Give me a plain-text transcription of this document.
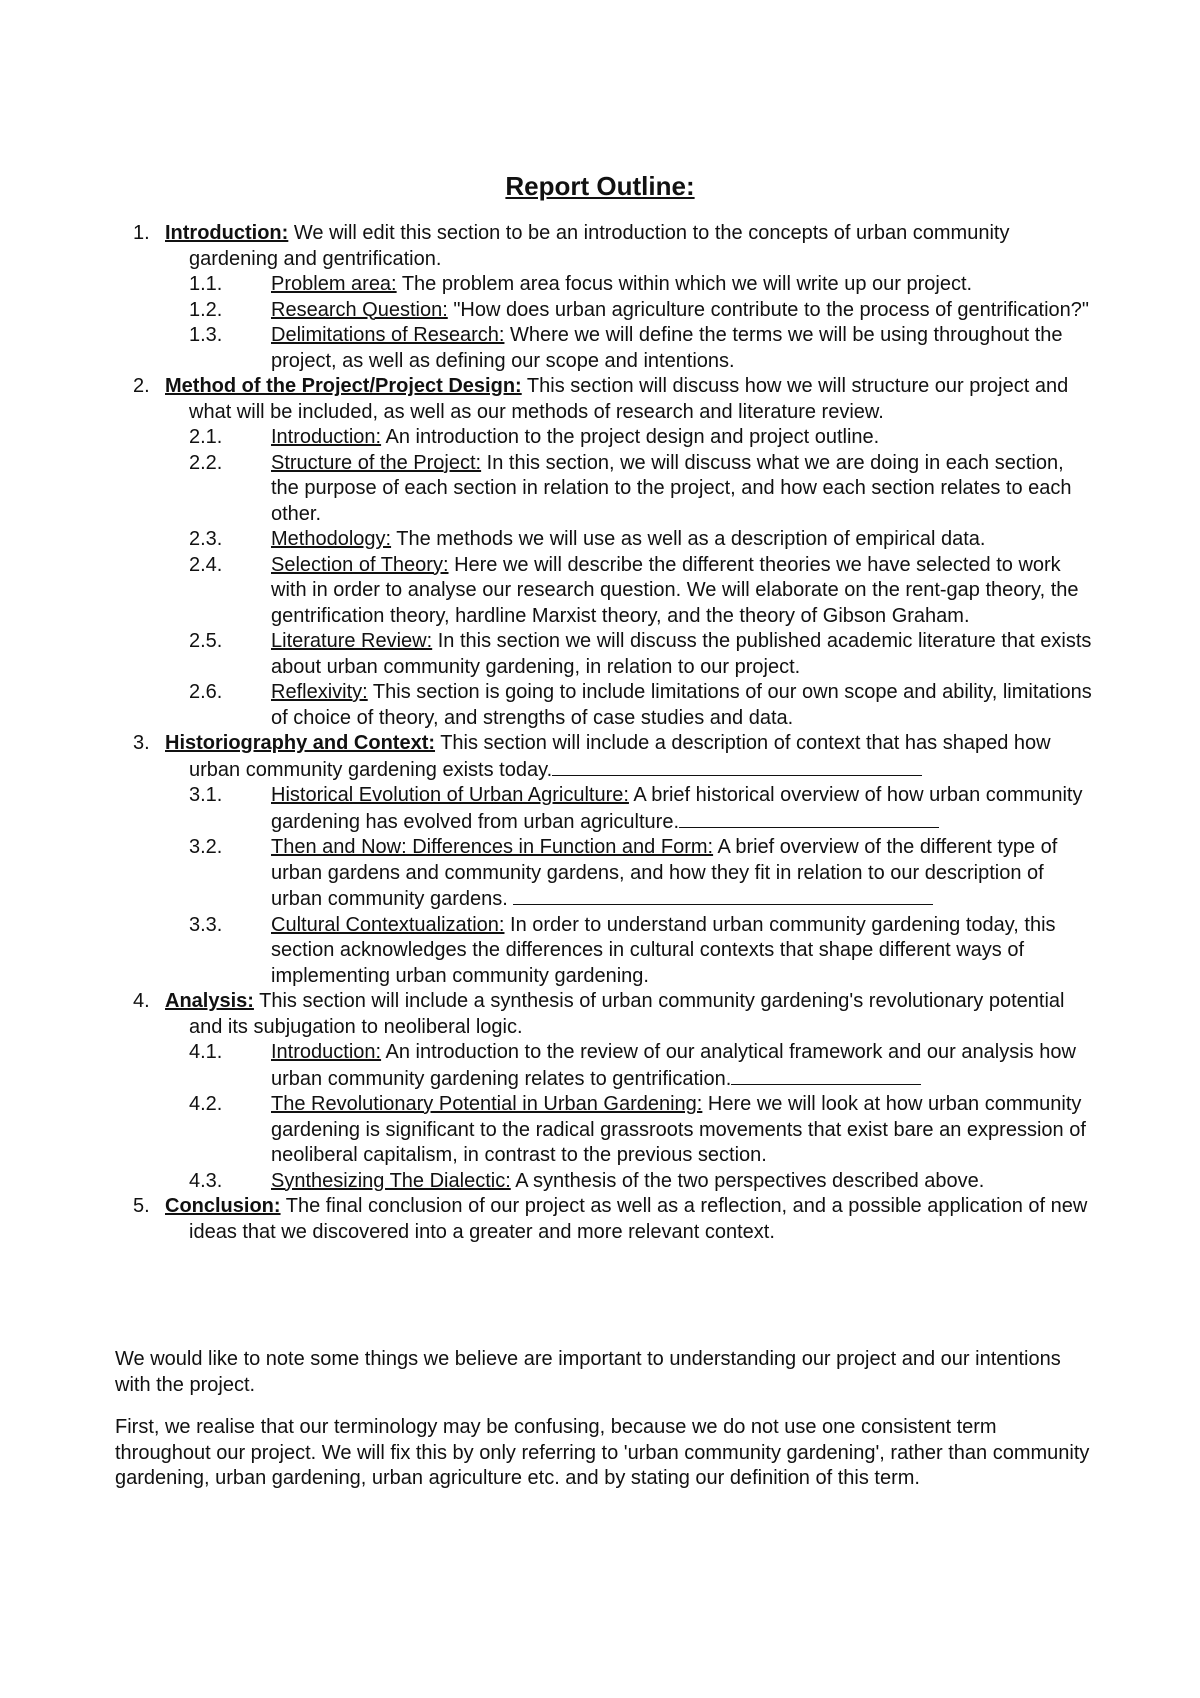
Report Outline:
1. Introduction: We will edit this section to be an introduction to the concepts of urban community gardening and gentrification.
1.1. Problem area: The problem area focus within which we will write up our project.
1.2. Research Question: "How does urban agriculture contribute to the process of gentrification?"
1.3. Delimitations of Research: Where we will define the terms we will be using throughout the project, as well as defining our scope and intentions.
2. Method of the Project/Project Design: This section will discuss how we will structure our project and what will be included, as well as our methods of research and literature review.
2.1. Introduction: An introduction to the project design and project outline.
2.2. Structure of the Project: In this section, we will discuss what we are doing in each section, the purpose of each section in relation to the project, and how each section relates to each other.
2.3. Methodology: The methods we will use as well as a description of empirical data.
2.4. Selection of Theory: Here we will describe the different theories we have selected to work with in order to analyse our research question. We will elaborate on the rent-gap theory, the gentrification theory, hardline Marxist theory, and the theory of Gibson Graham.
2.5. Literature Review: In this section we will discuss the published academic literature that exists about urban community gardening, in relation to our project.
2.6. Reflexivity: This section is going to include limitations of our own scope and ability, limitations of choice of theory, and strengths of case studies and data.
3. Historiography and Context: This section will include a description of context that has shaped how urban community gardening exists today.
3.1. Historical Evolution of Urban Agriculture: A brief historical overview of how urban community gardening has evolved from urban agriculture.
3.2. Then and Now: Differences in Function and Form: A brief overview of the different type of urban gardens and community gardens, and how they fit in relation to our description of urban community gardens.
3.3. Cultural Contextualization: In order to understand urban community gardening today, this section acknowledges the differences in cultural contexts that shape different ways of implementing urban community gardening.
4. Analysis: This section will include a synthesis of urban community gardening's revolutionary potential and its subjugation to neoliberal logic.
4.1. Introduction: An introduction to the review of our analytical framework and our analysis how urban community gardening relates to gentrification.
4.2. The Revolutionary Potential in Urban Gardening: Here we will look at how urban community gardening is significant to the radical grassroots movements that exist bare an expression of neoliberal capitalism, in contrast to the previous section.
4.3. Synthesizing The Dialectic: A synthesis of the two perspectives described above.
5. Conclusion: The final conclusion of our project as well as a reflection, and a possible application of new ideas that we discovered into a greater and more relevant context.
We would like to note some things we believe are important to understanding our project and our intentions with the project.
First, we realise that our terminology may be confusing, because we do not use one consistent term throughout our project. We will fix this by only referring to 'urban community gardening', rather than community gardening, urban gardening, urban agriculture etc. and by stating our definition of this term.
